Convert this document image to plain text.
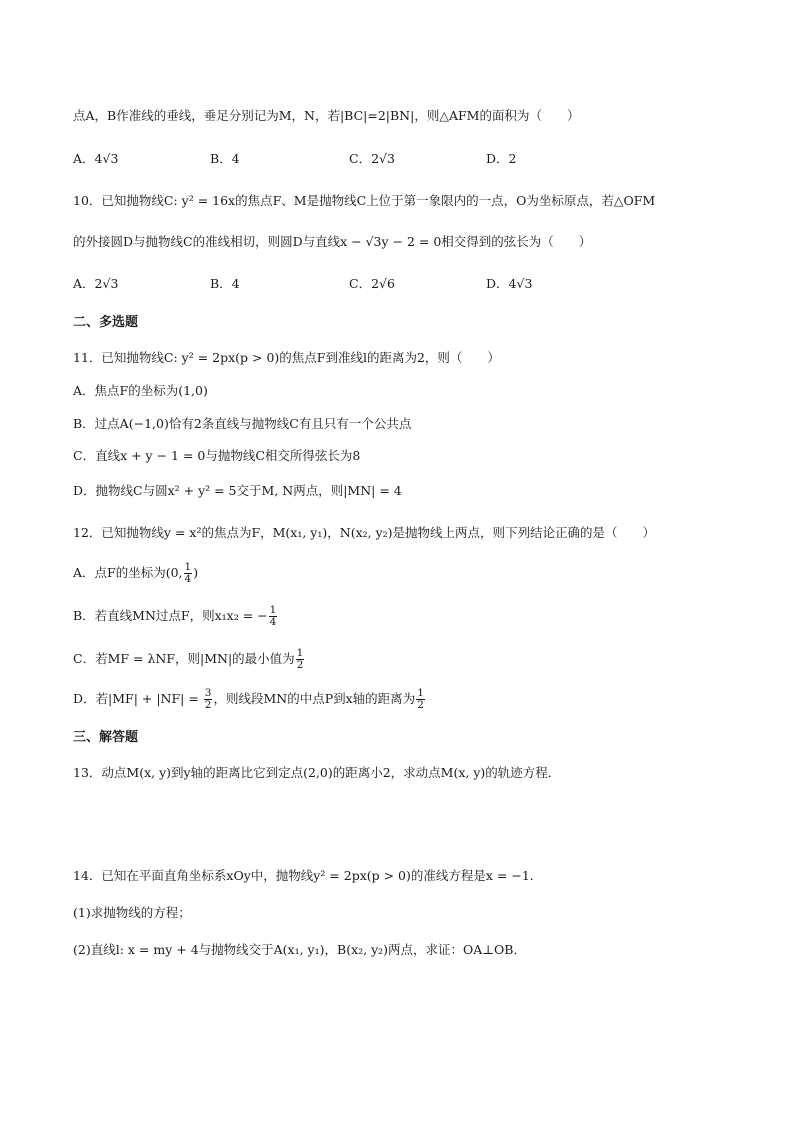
点A，B作准线的垂线，垂足分别记为M，N，若|BC|=2|BN|，则△AFM的面积为（　　）
A．4√3	B．4	C．2√3	D．2
10．已知抛物线C: y² = 16x的焦点F、M是抛物线C上位于第一象限内的一点，O为坐标原点，若△OFM
的外接圆D与抛物线C的准线相切，则圆D与直线x − √3y − 2 = 0相交得到的弦长为（　　）
A．2√3	B．4	C．2√6	D．4√3
二、多选题
11．已知抛物线C: y² = 2px(p > 0)的焦点F到准线l的距离为2，则（　　）
A．焦点F的坐标为(1,0)
B．过点A(−1,0)恰有2条直线与抛物线C有且只有一个公共点
C．直线x + y − 1 = 0与抛物线C相交所得弦长为8
D．抛物线C与圆x² + y² = 5交于M, N两点，则|MN| = 4
12．已知抛物线y = x²的焦点为F，M(x₁, y₁)，N(x₂, y₂)是抛物线上两点，则下列结论正确的是（　　）
A．点F的坐标为(0, $\frac{1}{4}$ )
B．若直线MN过点F，则x₁x₂ = − $\frac{1}{4}$
C．若MF = λNF，则|MN|的最小值为 $\frac{1}{2}$
D．若$|MF| + |NF| = \frac{3}{2}$ ，则线段MN的中点P到x轴的距离为 $\frac{1}{2}$
三、解答题
13．动点M(x, y)到y轴的距离比它到定点(2,0)的距离小2，求动点M(x, y)的轨迹方程．
14．已知在平面直角坐标系xOy中，抛物线y² = 2px(p > 0)的准线方程是x = −1．
(1)求抛物线的方程；
(2)直线l: x = my + 4与抛物线交于A(x₁, y₁)，B(x₂, y₂)两点，求证：OA⊥OB．
